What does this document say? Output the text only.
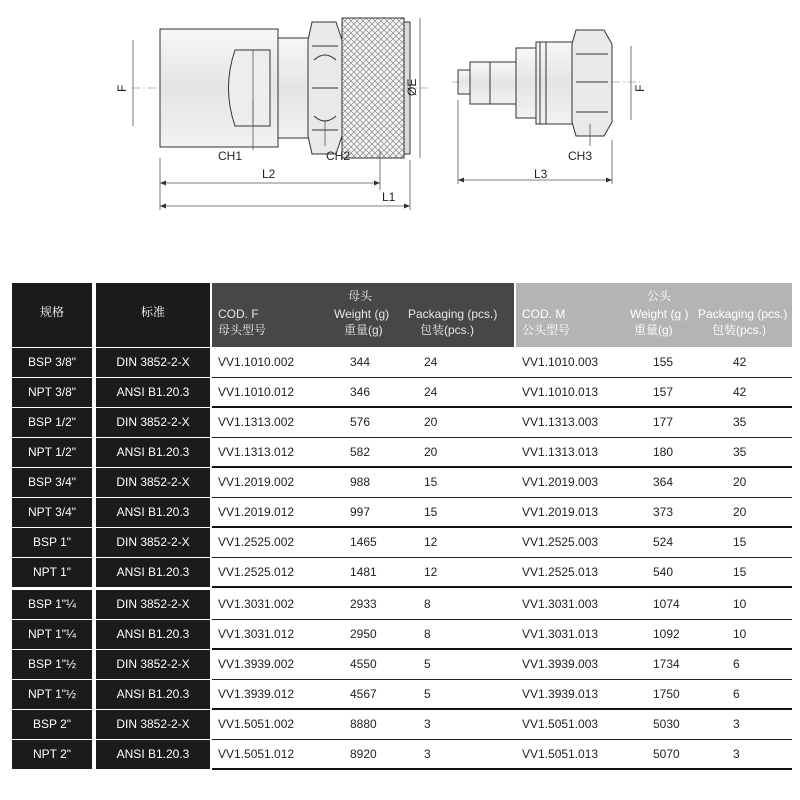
F	F
ØE
CH1	CH2	CH3
L2	L3
L1
规格	标准
母头
COD. F
母头型号
Weight (g)
重量(g)
Packaging (pcs.)
包装(pcs.)
公头
COD. M
公头型号
Weight (g )
重量(g)
Packaging (pcs.)
包装(pcs.)
BSP 3/8"	DIN 3852-2-X	VV1.1010.002	344	24	VV1.1010.003	155	42
NPT 3/8"	ANSI B1.20.3	VV1.1010.012	346	24	VV1.1010.013	157	42
BSP 1/2"	DIN 3852-2-X	VV1.1313.002	576	20	VV1.1313.003	177	35
NPT 1/2"	ANSI B1.20.3	VV1.1313.012	582	20	VV1.1313.013	180	35
BSP 3/4"	DIN 3852-2-X	VV1.2019.002	988	15	VV1.2019.003	364	20
NPT 3/4"	ANSI B1.20.3	VV1.2019.012	997	15	VV1.2019.013	373	20
BSP 1"	DIN 3852-2-X	VV1.2525.002	1465	12	VV1.2525.003	524	15
NPT 1"	ANSI B1.20.3	VV1.2525.012	1481	12	VV1.2525.013	540	15
BSP 1"¼	DIN 3852-2-X	VV1.3031.002	2933	8	VV1.3031.003	1074	10
NPT 1"¼	ANSI B1.20.3	VV1.3031.012	2950	8	VV1.3031.013	1092	10
BSP 1"½	DIN 3852-2-X	VV1.3939.002	4550	5	VV1.3939.003	1734	6
NPT 1"½	ANSI B1.20.3	VV1.3939.012	4567	5	VV1.3939.013	1750	6
BSP 2"	DIN 3852-2-X	VV1.5051.002	8880	3	VV1.5051.003	5030	3
NPT 2"	ANSI B1.20.3	VV1.5051.012	8920	3	VV1.5051.013	5070	3
